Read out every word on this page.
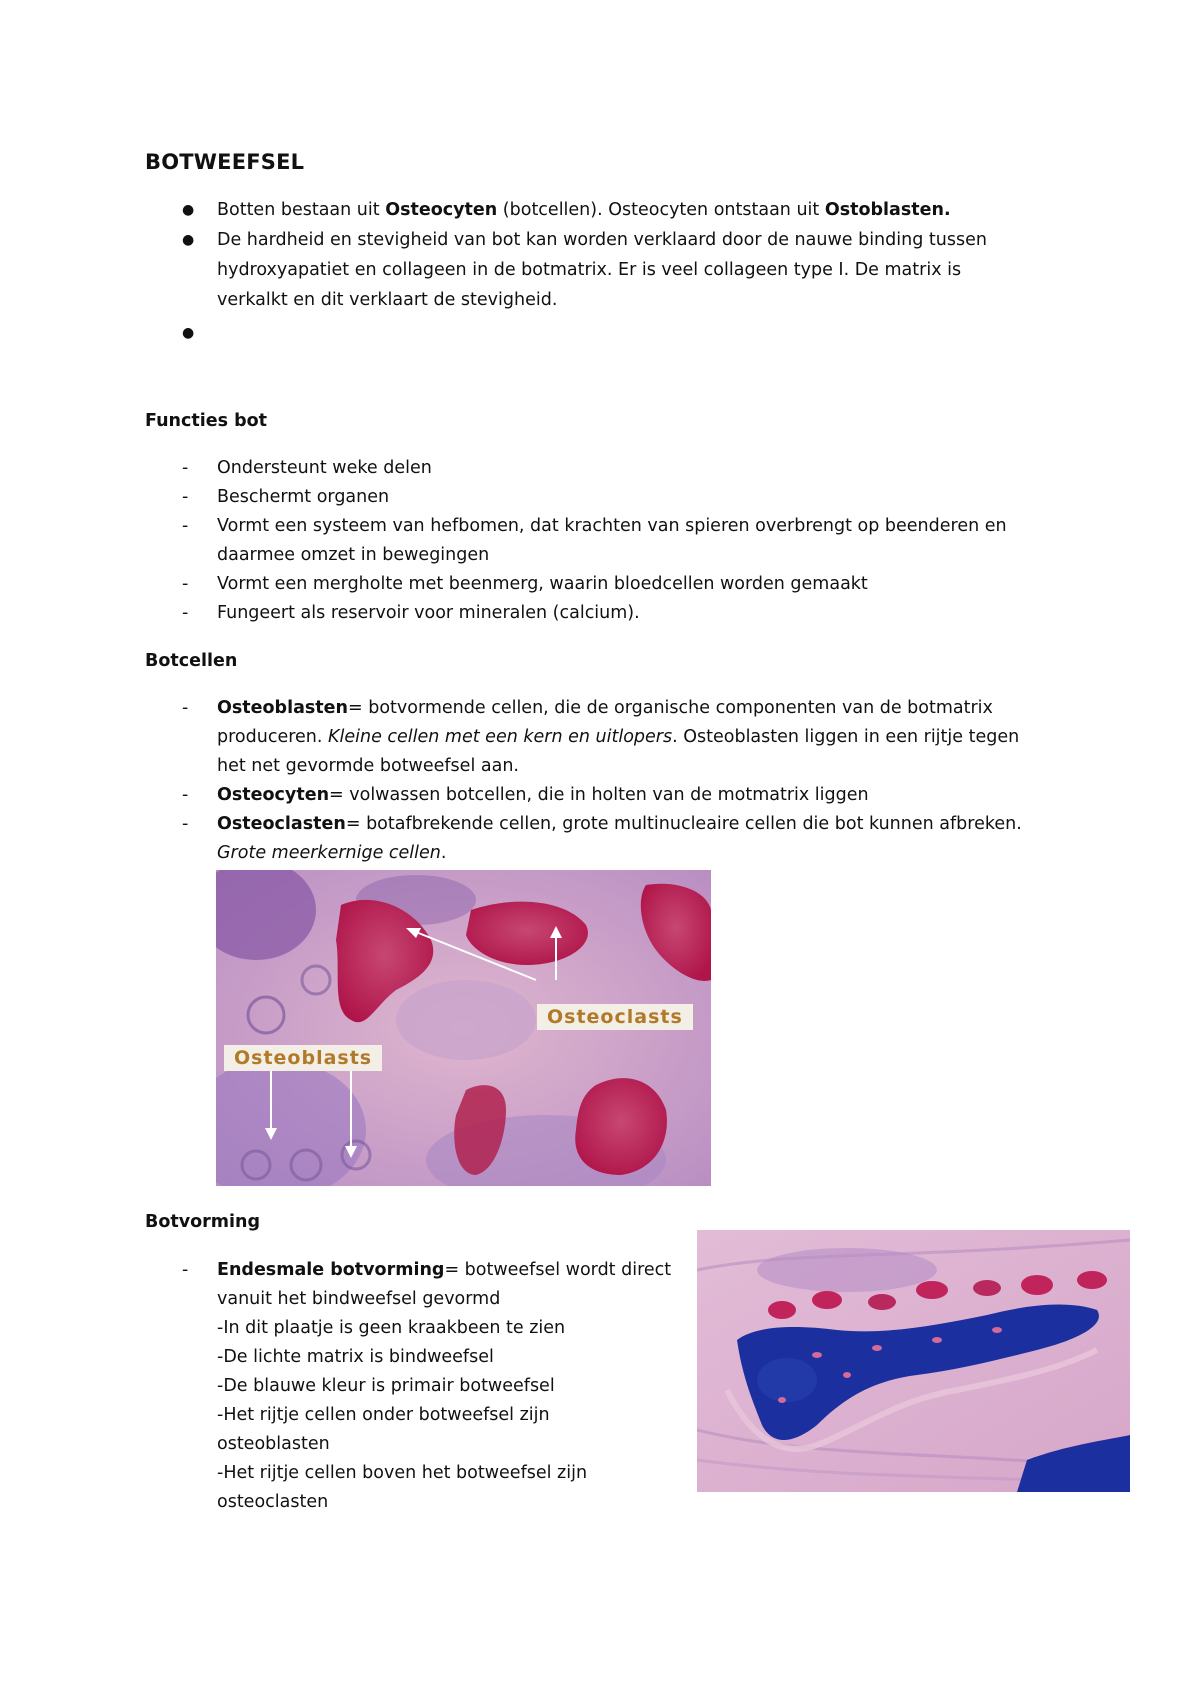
BOTWEEFSEL
● Botten bestaan uit Osteocyten (botcellen). Osteocyten ontstaan uit Ostoblasten.
● De hardheid en stevigheid van bot kan worden verklaard door de nauwe binding tussen
hydroxyapatiet en collageen in de botmatrix. Er is veel collageen type I. De matrix is
verkalkt en dit verklaart de stevigheid.
●
Functies bot
- Ondersteunt weke delen
- Beschermt organen
- Vormt een systeem van hefbomen, dat krachten van spieren overbrengt op beenderen en
daarmee omzet in bewegingen
- Vormt een mergholte met beenmerg, waarin bloedcellen worden gemaakt
- Fungeert als reservoir voor mineralen (calcium).
Botcellen
- Osteoblasten= botvormende cellen, die de organische componenten van de botmatrix
produceren. Kleine cellen met een kern en uitlopers. Osteoblasten liggen in een rijtje tegen
het net gevormde botweefsel aan.
- Osteocyten= volwassen botcellen, die in holten van de motmatrix liggen
- Osteoclasten= botafbrekende cellen, grote multinucleaire cellen die bot kunnen afbreken.
Grote meerkernige cellen.
Osteoclasts
Osteoblasts
Botvorming
- Endesmale botvorming= botweefsel wordt direct
vanuit het bindweefsel gevormd
-In dit plaatje is geen kraakbeen te zien
-De lichte matrix is bindweefsel
-De blauwe kleur is primair botweefsel
-Het rijtje cellen onder botweefsel zijn
osteoblasten
-Het rijtje cellen boven het botweefsel zijn
osteoclasten
